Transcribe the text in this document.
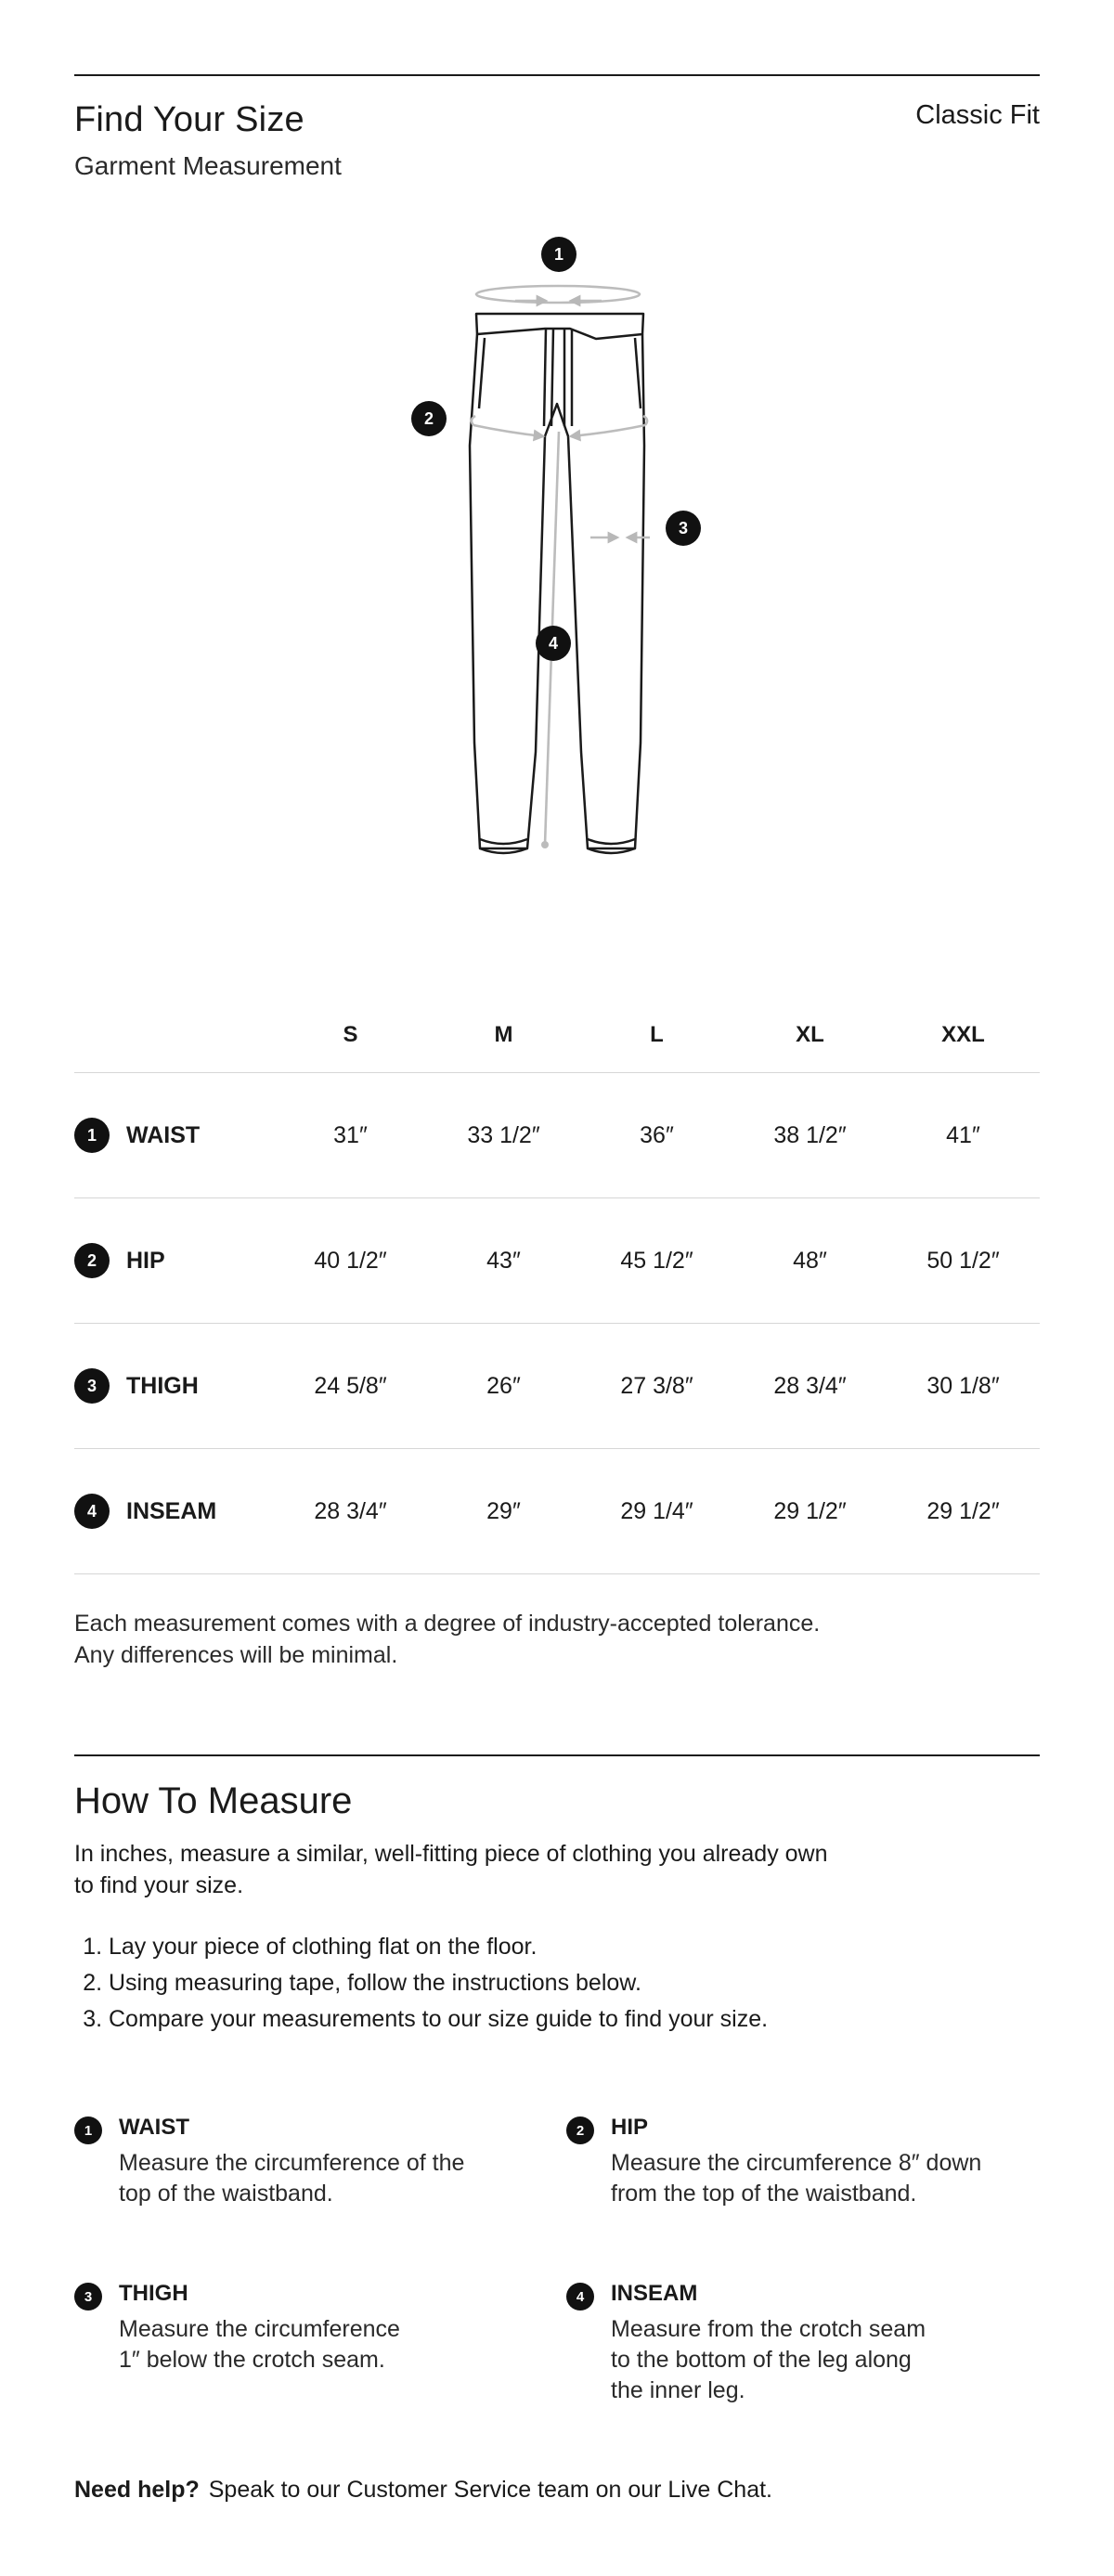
Find Your Size
Garment Measurement
Classic Fit
1
2
3
4
	S	M	L	XL	XXL

1 WAIST	31″	33 1/2″	36″	38 1/2″	41″

2 HIP	40 1/2″	43″	45 1/2″	48″	50 1/2″

3 THIGH	24 5/8″	26″	27 3/8″	28 3/4″	30 1/8″

4 INSEAM	28 3/4″	29″	29 1/4″	29 1/2″	29 1/2″
Each measurement comes with a degree of industry-accepted tolerance.
Any differences will be minimal.
How To Measure
In inches, measure a similar, well-fitting piece of clothing you already own
to find your size.
1. Lay your piece of clothing flat on the floor.
2. Using measuring tape, follow the instructions below.
3. Compare your measurements to our size guide to find your size.
1	WAIST
Measure the circumference of the
top of the waistband.
2	HIP
Measure the circumference 8″ down
from the top of the waistband.
3	THIGH
Measure the circumference
1″ below the crotch seam.
4	INSEAM
Measure from the crotch seam
to the bottom of the leg along
the inner leg.
Need help? Speak to our Customer Service team on our Live Chat.
